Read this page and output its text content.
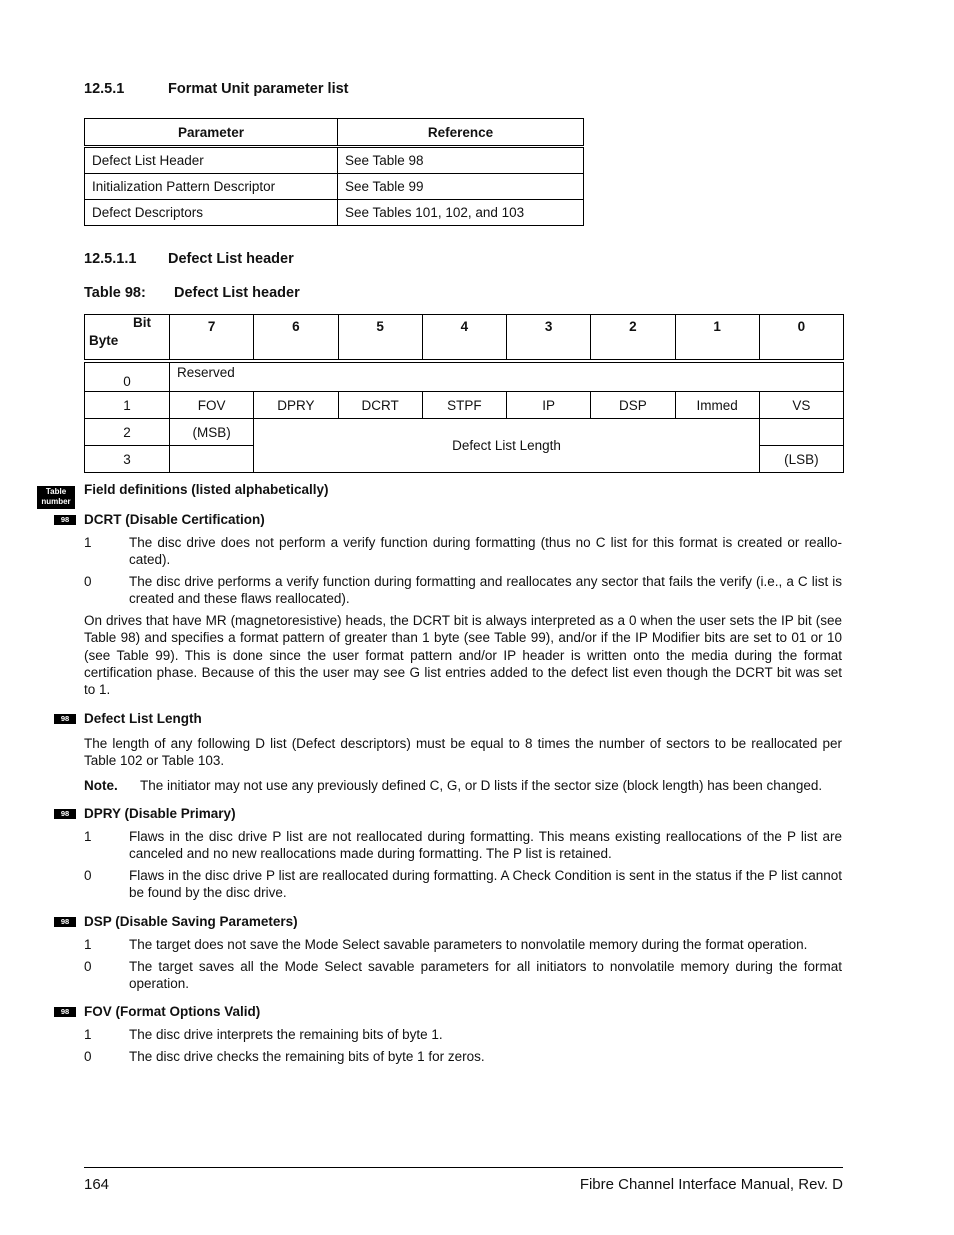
12.5.1	Format Unit parameter list
Parameter	Reference
Defect List Header	See Table 98
Initialization Pattern Descriptor	See Table 99
Defect Descriptors	See Tables 101, 102, and 103
12.5.1.1 Defect List header
Table 98: Defect List header
Bit
Byte	7	6	5	4	3	2	1	0
0	Reserved							
1	FOV	DPRY	DCRT	STPF	IP	DSP	Immed	VS
2	(MSB)	Defect List Length						
3								(LSB)
Table
number
Field definitions (listed alphabetically)
98	DCRT (Disable Certification)
1	The disc drive does not perform a verify function during formatting (thus no C list for this format is created or reallo-cated).
0	The disc drive performs a verify function during formatting and reallocates any sector that fails the verify (i.e., a C list is created and these flaws reallocated).
On drives that have MR (magnetoresistive) heads, the DCRT bit is always interpreted as a 0 when the user sets the IP bit (see Table 98) and specifies a format pattern of greater than 1 byte (see Table 99), and/or if the IP Modifier bits are set to 01 or 10 (see Table 99). This is done since the user format pattern and/or IP header is written onto the media during the format certification phase. Because of this the user may see G list entries added to the defect list even though the DCRT bit was set to 1.
98	Defect List Length
The length of any following D list (Defect descriptors) must be equal to 8 times the number of sectors to be reallocated per Table 102 or Table 103.
Note. The initiator may not use any previously defined C, G, or D lists if the sector size (block length) has been changed.
98	DPRY (Disable Primary)
1	Flaws in the disc drive P list are not reallocated during formatting. This means existing reallocations of the P list are canceled and no new reallocations made during formatting. The P list is retained.
0	Flaws in the disc drive P list are reallocated during formatting. A Check Condition is sent in the status if the P list cannot be found by the disc drive.
98	DSP (Disable Saving Parameters)
1	The target does not save the Mode Select savable parameters to nonvolatile memory during the format operation.
0	The target saves all the Mode Select savable parameters for all initiators to nonvolatile memory during the format operation.
98	FOV (Format Options Valid)
1	The disc drive interprets the remaining bits of byte 1.
0	The disc drive checks the remaining bits of byte 1 for zeros.
164	Fibre Channel Interface Manual, Rev. D
